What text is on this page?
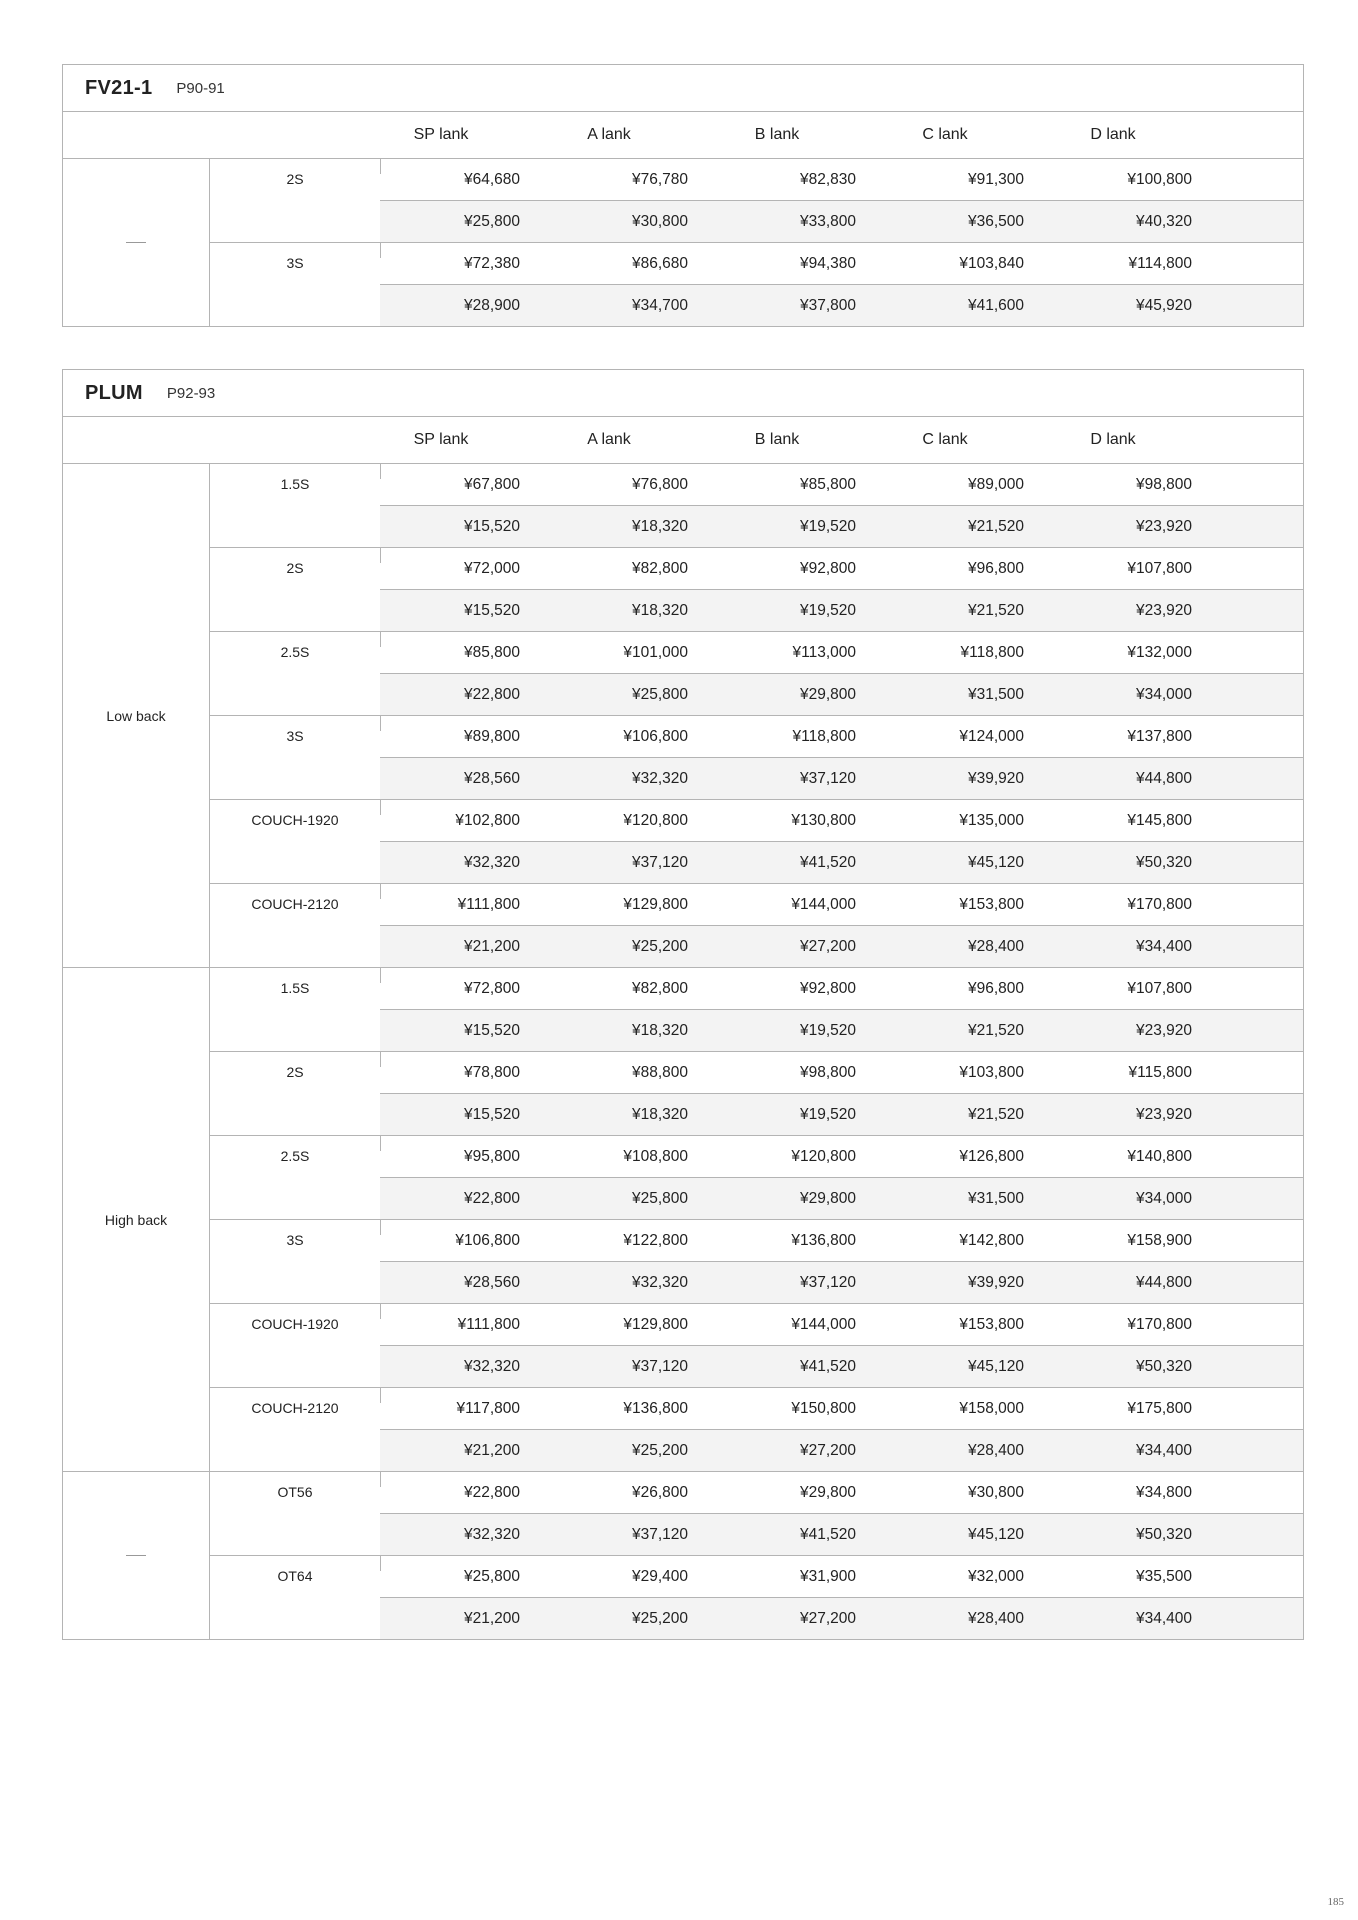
FV21-1 P90-91
SP lank	A lank	B lank	C lank	D lank
2S	¥64,680	¥76,780	¥82,830	¥91,300	¥100,800
¥25,800	¥30,800	¥33,800	¥36,500	¥40,320
3S	¥72,380	¥86,680	¥94,380	¥103,840	¥114,800
¥28,900	¥34,700	¥37,800	¥41,600	¥45,920
PLUM P92-93
SP lank	A lank	B lank	C lank	D lank
Low back
1.5S	¥67,800	¥76,800	¥85,800	¥89,000	¥98,800
¥15,520	¥18,320	¥19,520	¥21,520	¥23,920
2S	¥72,000	¥82,800	¥92,800	¥96,800	¥107,800
¥15,520	¥18,320	¥19,520	¥21,520	¥23,920
2.5S	¥85,800	¥101,000	¥113,000	¥118,800	¥132,000
¥22,800	¥25,800	¥29,800	¥31,500	¥34,000
3S	¥89,800	¥106,800	¥118,800	¥124,000	¥137,800
¥28,560	¥32,320	¥37,120	¥39,920	¥44,800
COUCH-1920	¥102,800	¥120,800	¥130,800	¥135,000	¥145,800
¥32,320	¥37,120	¥41,520	¥45,120	¥50,320
COUCH-2120	¥111,800	¥129,800	¥144,000	¥153,800	¥170,800
¥21,200	¥25,200	¥27,200	¥28,400	¥34,400
High back
1.5S	¥72,800	¥82,800	¥92,800	¥96,800	¥107,800
¥15,520	¥18,320	¥19,520	¥21,520	¥23,920
2S	¥78,800	¥88,800	¥98,800	¥103,800	¥115,800
¥15,520	¥18,320	¥19,520	¥21,520	¥23,920
2.5S	¥95,800	¥108,800	¥120,800	¥126,800	¥140,800
¥22,800	¥25,800	¥29,800	¥31,500	¥34,000
3S	¥106,800	¥122,800	¥136,800	¥142,800	¥158,900
¥28,560	¥32,320	¥37,120	¥39,920	¥44,800
COUCH-1920	¥111,800	¥129,800	¥144,000	¥153,800	¥170,800
¥32,320	¥37,120	¥41,520	¥45,120	¥50,320
COUCH-2120	¥117,800	¥136,800	¥150,800	¥158,000	¥175,800
¥21,200	¥25,200	¥27,200	¥28,400	¥34,400
OT56	¥22,800	¥26,800	¥29,800	¥30,800	¥34,800
¥32,320	¥37,120	¥41,520	¥45,120	¥50,320
OT64	¥25,800	¥29,400	¥31,900	¥32,000	¥35,500
¥21,200	¥25,200	¥27,200	¥28,400	¥34,400
185
